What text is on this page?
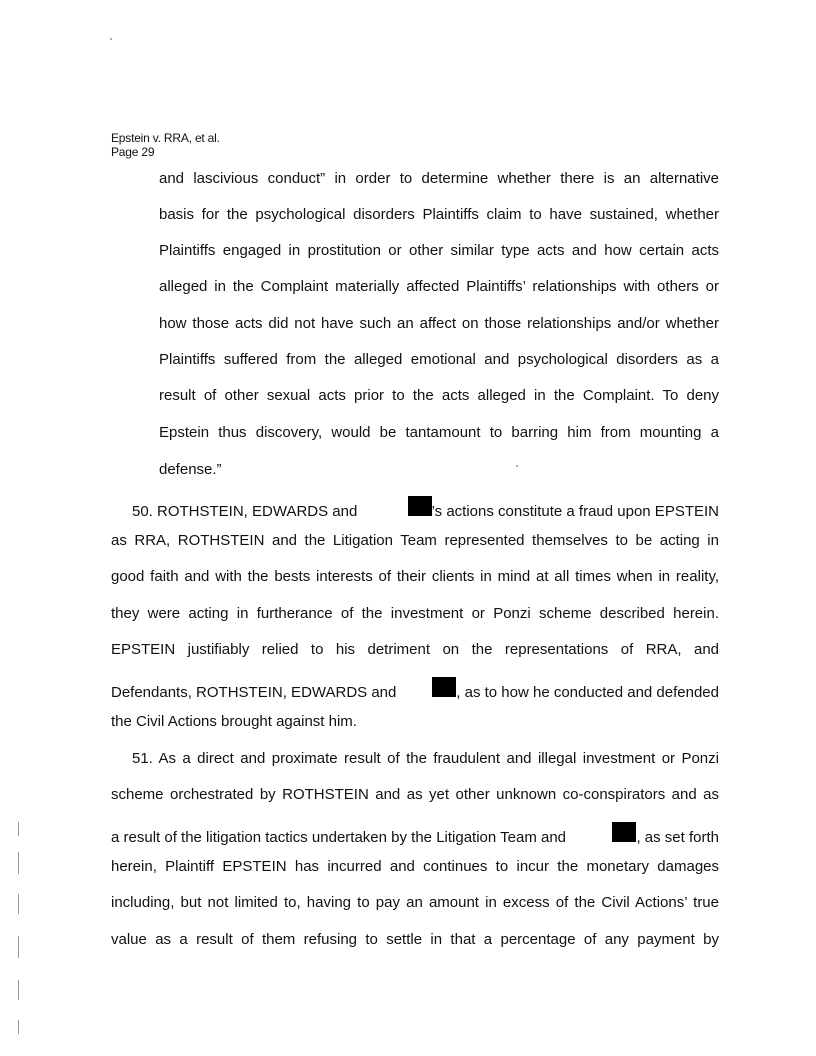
Epstein v. RRA, et al.
Page 29
and lascivious conduct” in order to determine whether there is an alternative
basis for the psychological disorders Plaintiffs claim to have sustained, whether
Plaintiffs engaged in prostitution or other similar type acts and how certain acts
alleged in the Complaint materially affected Plaintiffs’ relationships with others or
how those acts did not have such an affect on those relationships and/or whether
Plaintiffs suffered from the alleged emotional and psychological disorders as a
result of other sexual acts prior to the acts alleged in the Complaint. To deny
Epstein thus discovery, would be tantamount to barring him from mounting a
defense.”
50. ROTHSTEIN, EDWARDS and	’s actions constitute a fraud upon EPSTEIN
as RRA, ROTHSTEIN and the Litigation Team represented themselves to be acting in
good faith and with the bests interests of their clients in mind at all times when in reality,
they were acting in furtherance of the investment or Ponzi scheme described herein.
EPSTEIN justifiably relied to his detriment on the representations of RRA, and
Defendants, ROTHSTEIN, EDWARDS and	, as to how he conducted and defended
the Civil Actions brought against him.
51. As a direct and proximate result of the fraudulent and illegal investment or Ponzi
scheme orchestrated by ROTHSTEIN and as yet other unknown co-conspirators and as
a result of the litigation tactics undertaken by the Litigation Team and	, as set forth
herein, Plaintiff EPSTEIN has incurred and continues to incur the monetary damages
including, but not limited to, having to pay an amount in excess of the Civil Actions’ true
value as a result of them refusing to settle in that a percentage of any payment by
